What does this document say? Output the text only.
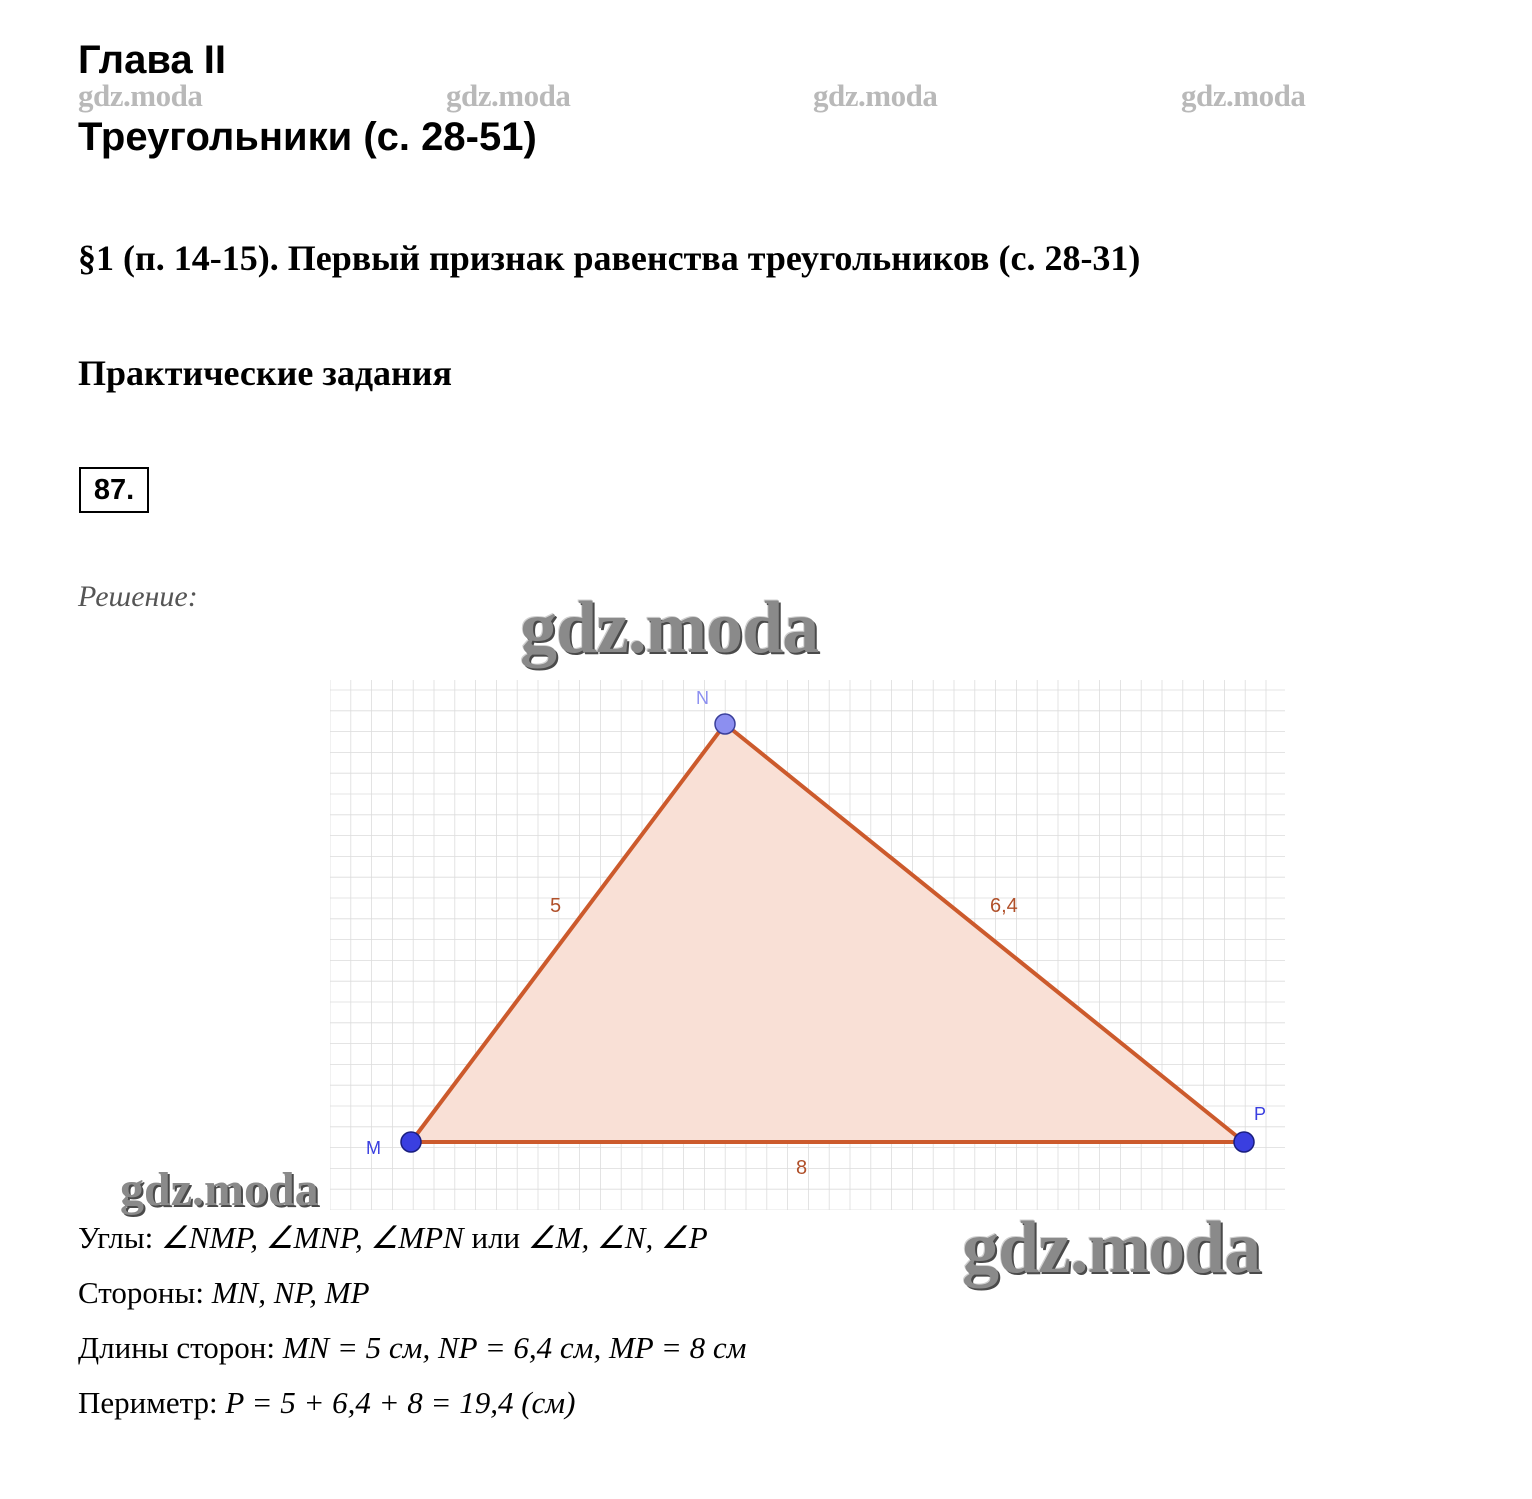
Глава II
gdz.moda	gdz.moda	gdz.moda	gdz.moda
Треугольники (с. 28-51)
§1 (п. 14-15). Первый признак равенства треугольников (с. 28-31)
Практические задания
87.
Решение:
5	6,4
8
N
M
P
gdz.moda
gdz.moda
gdz.moda
Углы: ∠NMP, ∠MNP, ∠MPN или ∠M, ∠N, ∠P
Стороны: MN, NP, MP
Длины сторон: MN = 5 см, NP = 6,4 см, MP = 8 см
Периметр: P = 5 + 6,4 + 8 = 19,4 (см)
